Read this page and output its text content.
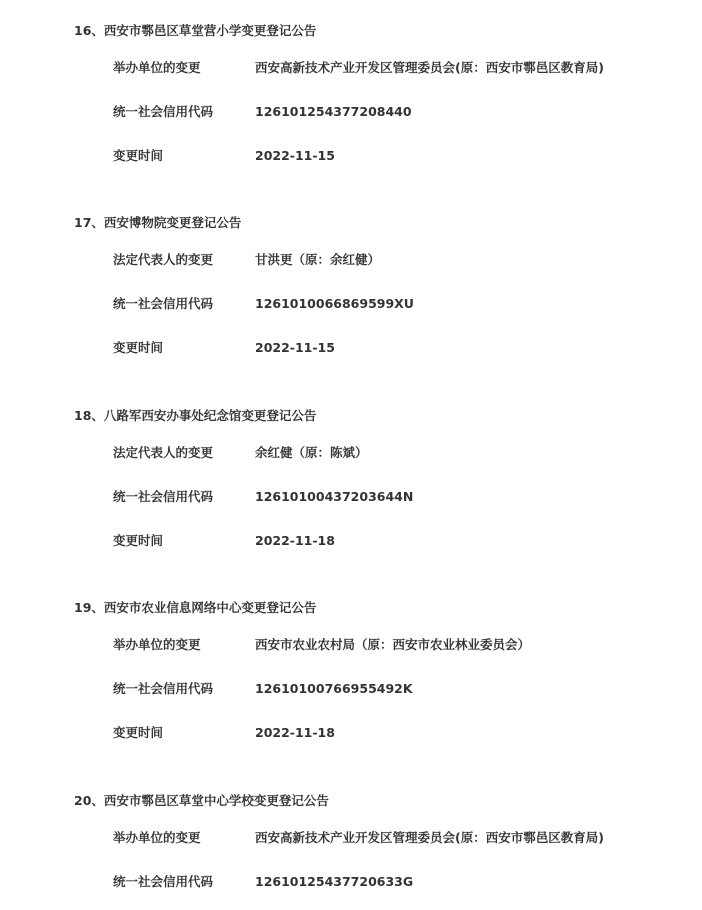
16、西安市鄠邑区草堂营小学变更登记公告
举办单位的变更	西安高新技术产业开发区管理委员会(原：西安市鄠邑区教育局)
统一社会信用代码	126101254377208440
变更时间	2022-11-15
17、西安博物院变更登记公告
法定代表人的变更	甘洪更（原：余红健）
统一社会信用代码	1261010066869599XU
变更时间	2022-11-15
18、八路军西安办事处纪念馆变更登记公告
法定代表人的变更	余红健（原：陈斌）
统一社会信用代码	12610100437203644N
变更时间	2022-11-18
19、西安市农业信息网络中心变更登记公告
举办单位的变更	西安市农业农村局（原：西安市农业林业委员会）
统一社会信用代码	12610100766955492K
变更时间	2022-11-18
20、西安市鄠邑区草堂中心学校变更登记公告
举办单位的变更	西安高新技术产业开发区管理委员会(原：西安市鄠邑区教育局)
统一社会信用代码	12610125437720633G
